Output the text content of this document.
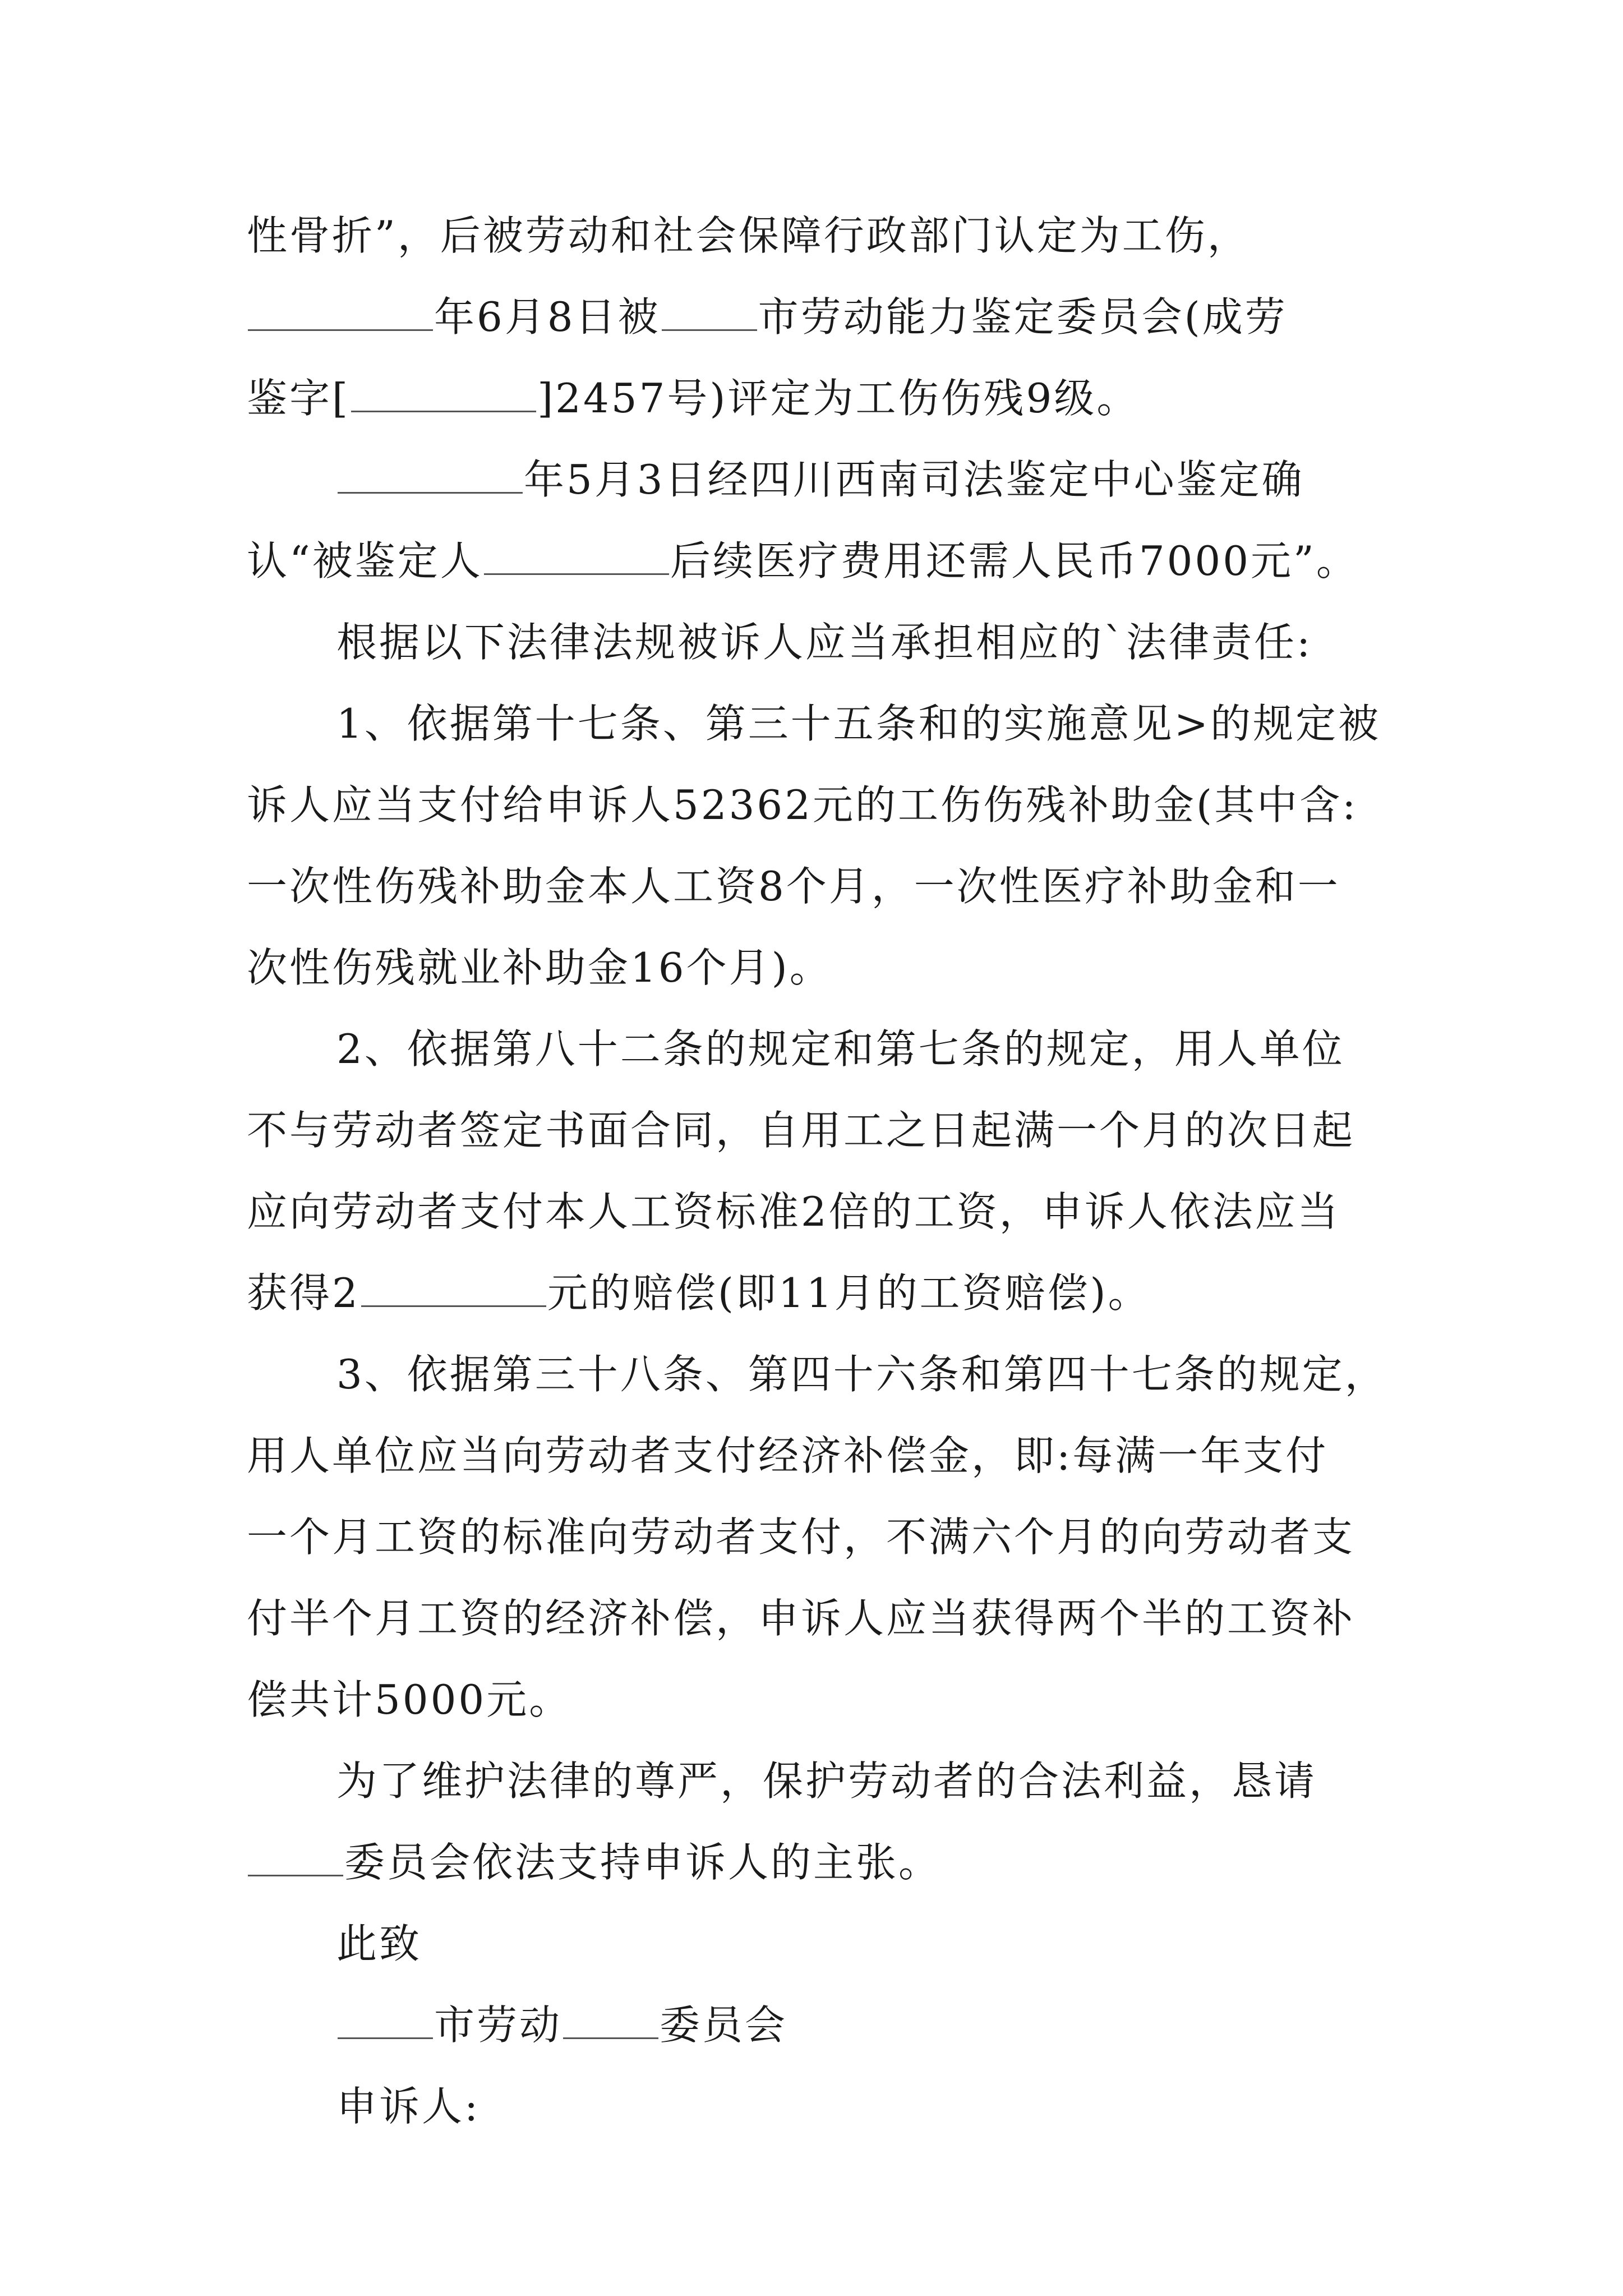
性骨折”，后被劳动和社会保障行政部门认定为工伤，
年6月8日被 市劳动能力鉴定委员会(成劳
鉴字[	]2457号)评定为工伤伤残9级。
年5月3日经四川西南司法鉴定中心鉴定确
认“被鉴定人	后续医疗费用还需人民币7000元”。
根据以下法律法规被诉人应当承担相应的`法律责任:
1、依据第十七条、第三十五条和的实施意见>的规定被
诉人应当支付给申诉人52362元的工伤伤残补助金(其中含:
一次性伤残补助金本人工资8个月，一次性医疗补助金和一
次性伤残就业补助金16个月)。
2、依据第八十二条的规定和第七条的规定，用人单位
不与劳动者签定书面合同，自用工之日起满一个月的次日起
应向劳动者支付本人工资标准2倍的工资，申诉人依法应当
获得2	元的赔偿(即11月的工资赔偿)。
3、依据第三十八条、第四十六条和第四十七条的规定，
用人单位应当向劳动者支付经济补偿金，即:每满一年支付
一个月工资的标准向劳动者支付，不满六个月的向劳动者支
付半个月工资的经济补偿，申诉人应当获得两个半的工资补
偿共计5000元。
为了维护法律的尊严，保护劳动者的合法利益，恳请
委员会依法支持申诉人的主张。
此致
市劳动 委员会
申诉人:
